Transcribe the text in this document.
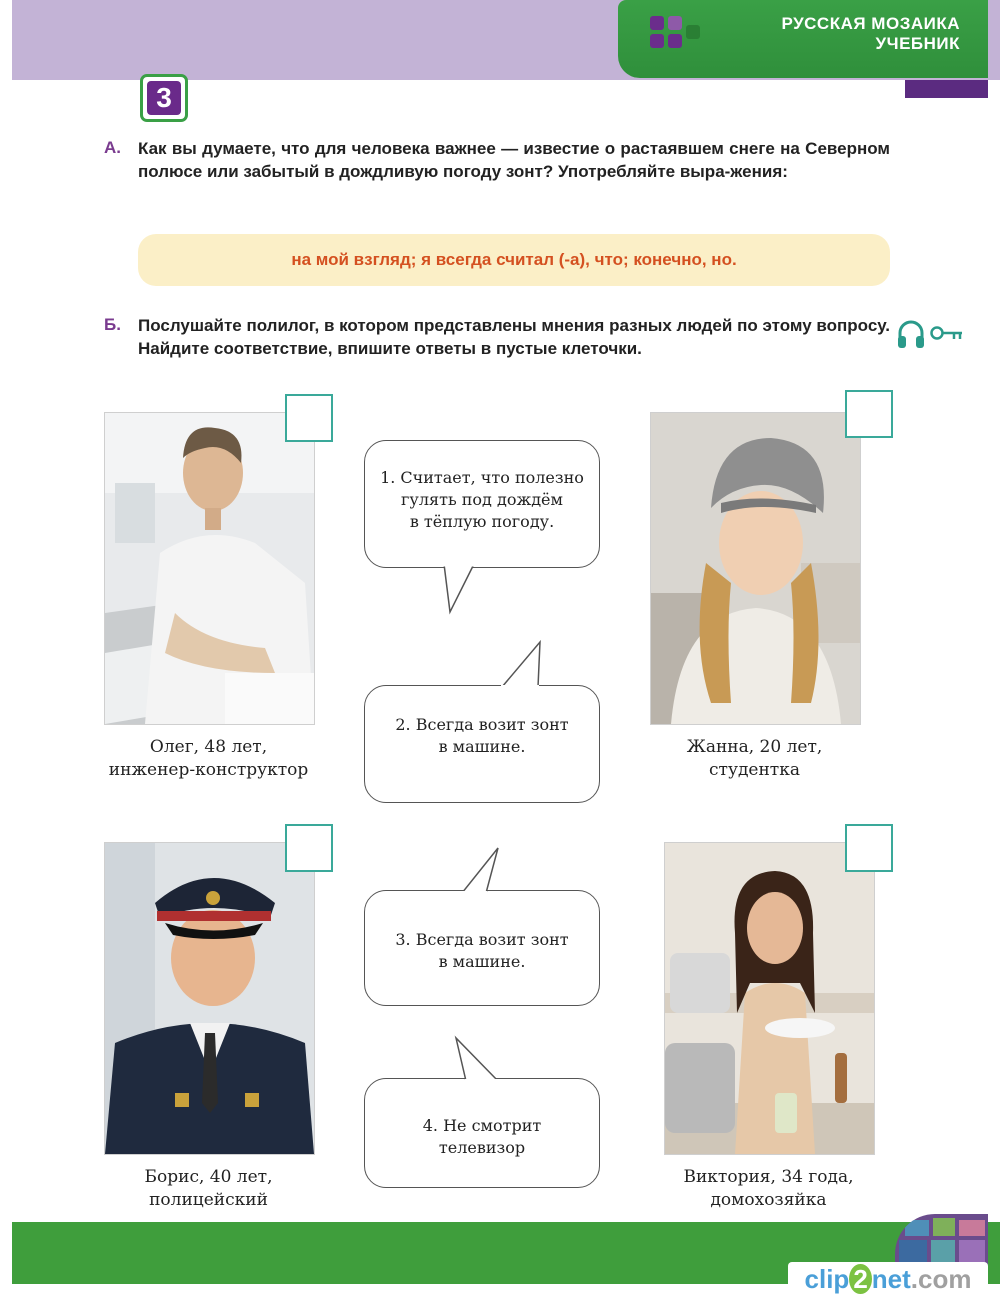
РУССКАЯ МОЗАИКА
УЧЕБНИК
3
А. Как вы думаете, что для человека важнее — известие о растаявшем снеге на Северном полюсе или забытый в дождливую погоду зонт? Употребляйте выра-жения:
на мой взгляд; я всегда считал (-а), что; конечно, но.
Б. Послушайте полилог, в котором представлены мнения разных людей по этому вопросу. Найдите соответствие, впишите ответы в пустые клеточки.
Олег, 48 лет,
инженер-конструктор
Жанна, 20 лет,
студентка
Борис, 40 лет,
полицейский
Виктория, 34 года,
домохозяйка
1. Считает, что полезно
гулять под дождём
в тёплую погоду.
2. Всегда возит зонт
в машине.
3. Всегда возит зонт
в машине.
4. Не смотрит
телевизор
clip 2 net.com
